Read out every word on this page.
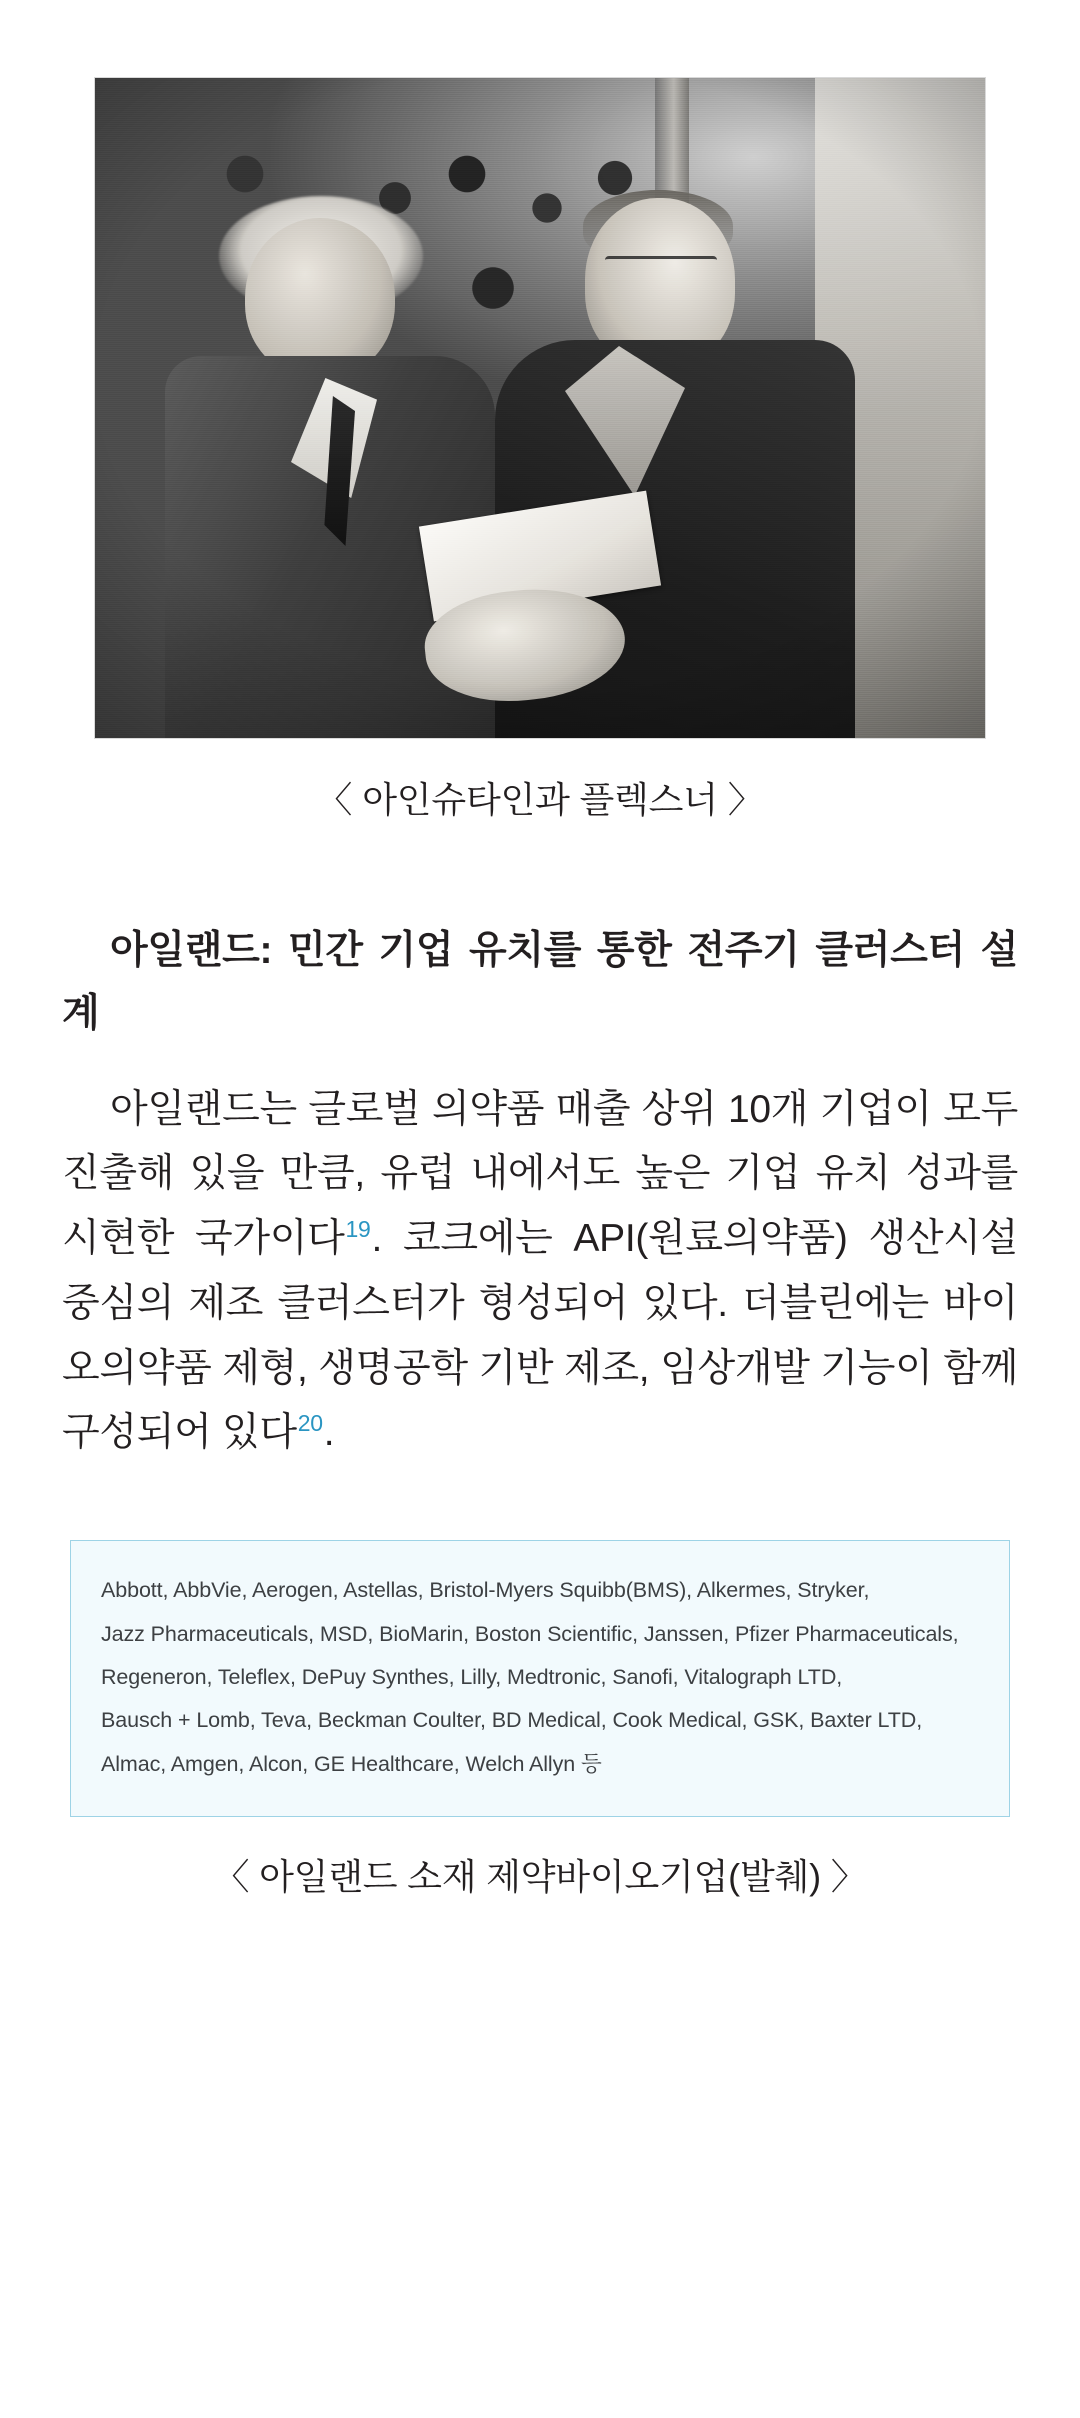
〈 아인슈타인과 플렉스너 〉
아일랜드: 민간 기업 유치를 통한 전주기 클러스터 설계

아일랜드는 글로벌 의약품 매출 상위 10개 기업이 모두 진출해 있을 만큼, 유럽 내에서도 높은 기업 유치 성과를 시현한 국가이다$^{19}$. 코크에는 API(원료의약품) 생산시설 중심의 제조 클러스터가 형성되어 있다. 더블린에는 바이오의약품 제형, 생명공학 기반 제조, 임상개발 기능이 함께 구성되어 있다$^{20}$.

Abbott, AbbVie, Aerogen, Astellas, Bristol-Myers Squibb(BMS), Alkermes, Stryker,
Jazz Pharmaceuticals, MSD, BioMarin, Boston Scientific, Janssen, Pfizer Pharmaceuticals,
Regeneron, Teleflex, DePuy Synthes, Lilly, Medtronic, Sanofi, Vitalograph LTD,
Bausch + Lomb, Teva, Beckman Coulter, BD Medical, Cook Medical, GSK, Baxter LTD,
Almac, Amgen, Alcon, GE Healthcare, Welch Allyn 등
〈 아일랜드 소재 제약바이오기업(발췌) 〉
